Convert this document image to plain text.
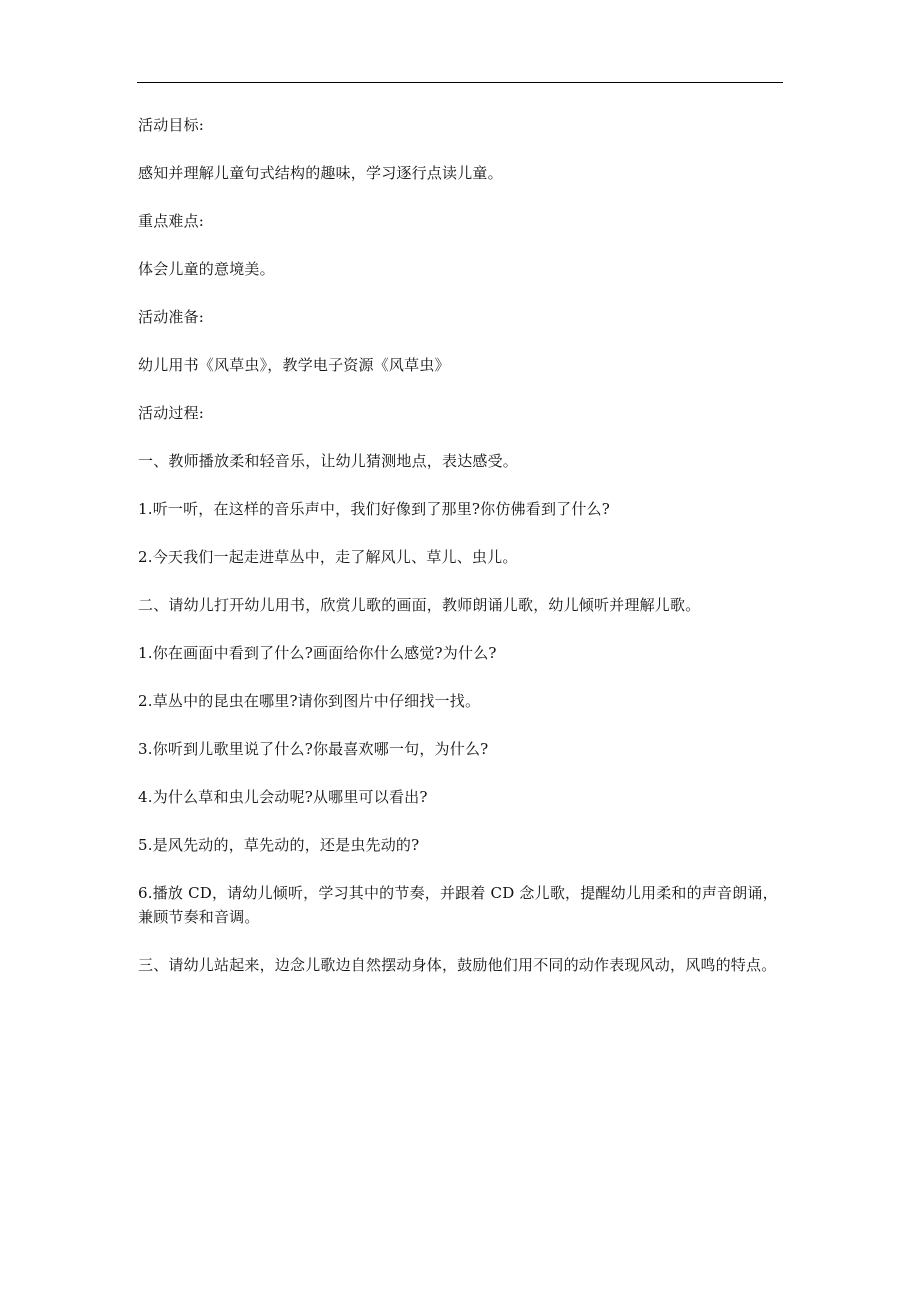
活动目标:

感知并理解儿童句式结构的趣味，学习逐行点读儿童。

重点难点:

体会儿童的意境美。

活动准备:

幼儿用书《风草虫》，教学电子资源《风草虫》

活动过程:

一、教师播放柔和轻音乐，让幼儿猜测地点，表达感受。

1.听一听，在这样的音乐声中，我们好像到了那里?你仿佛看到了什么?

2.今天我们一起走进草丛中，走了解风儿、草儿、虫儿。

二、请幼儿打开幼儿用书，欣赏儿歌的画面，教师朗诵儿歌，幼儿倾听并理解儿歌。

1.你在画面中看到了什么?画面给你什么感觉?为什么?

2.草丛中的昆虫在哪里?请你到图片中仔细找一找。

3.你听到儿歌里说了什么?你最喜欢哪一句，为什么?

4.为什么草和虫儿会动呢?从哪里可以看出?

5.是风先动的，草先动的，还是虫先动的?

6.播放 CD，请幼儿倾听，学习其中的节奏，并跟着 CD 念儿歌，提醒幼儿用柔和的声音朗诵，兼顾节奏和音调。

三、请幼儿站起来，边念儿歌边自然摆动身体，鼓励他们用不同的动作表现风动，风鸣的特点。
